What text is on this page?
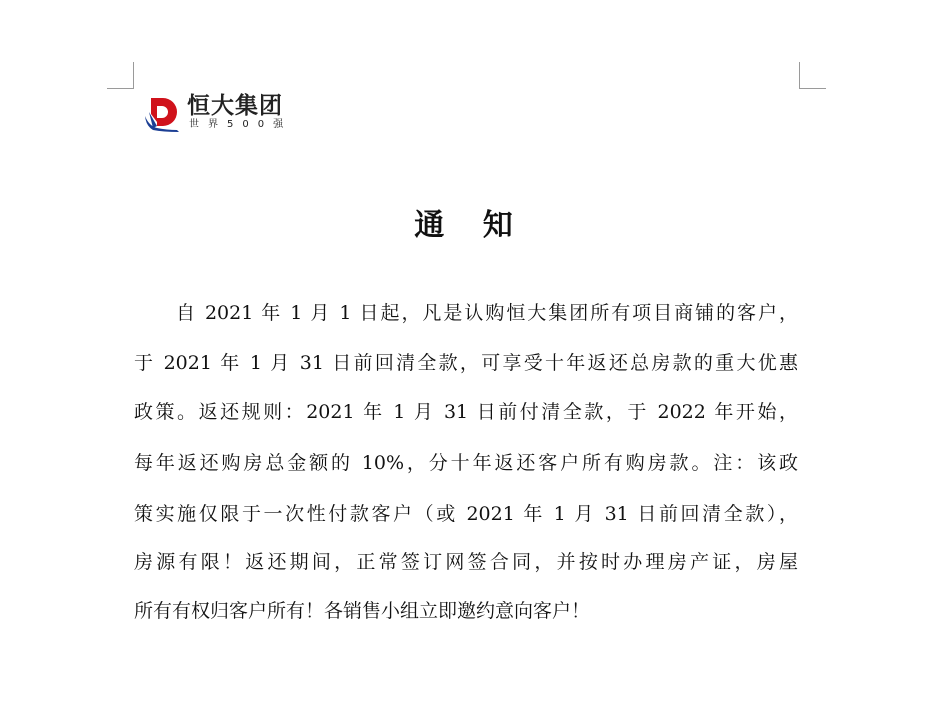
恒大集团
世界500强
通 知
　　自 2021 年 1 月 1 日起，凡是认购恒大集团所有项目商铺的客户，
于 2021 年 1 月 31 日前回清全款，可享受十年返还总房款的重大优惠
政策。返还规则：2021 年 1 月 31 日前付清全款，于 2022 年开始，
每年返还购房总金额的 10%，分十年返还客户所有购房款。注：该政
策实施仅限于一次性付款客户（或 2021 年 1 月 31 日前回清全款），
房源有限！返还期间，正常签订网签合同，并按时办理房产证，房屋
所有有权归客户所有！各销售小组立即邀约意向客户！
